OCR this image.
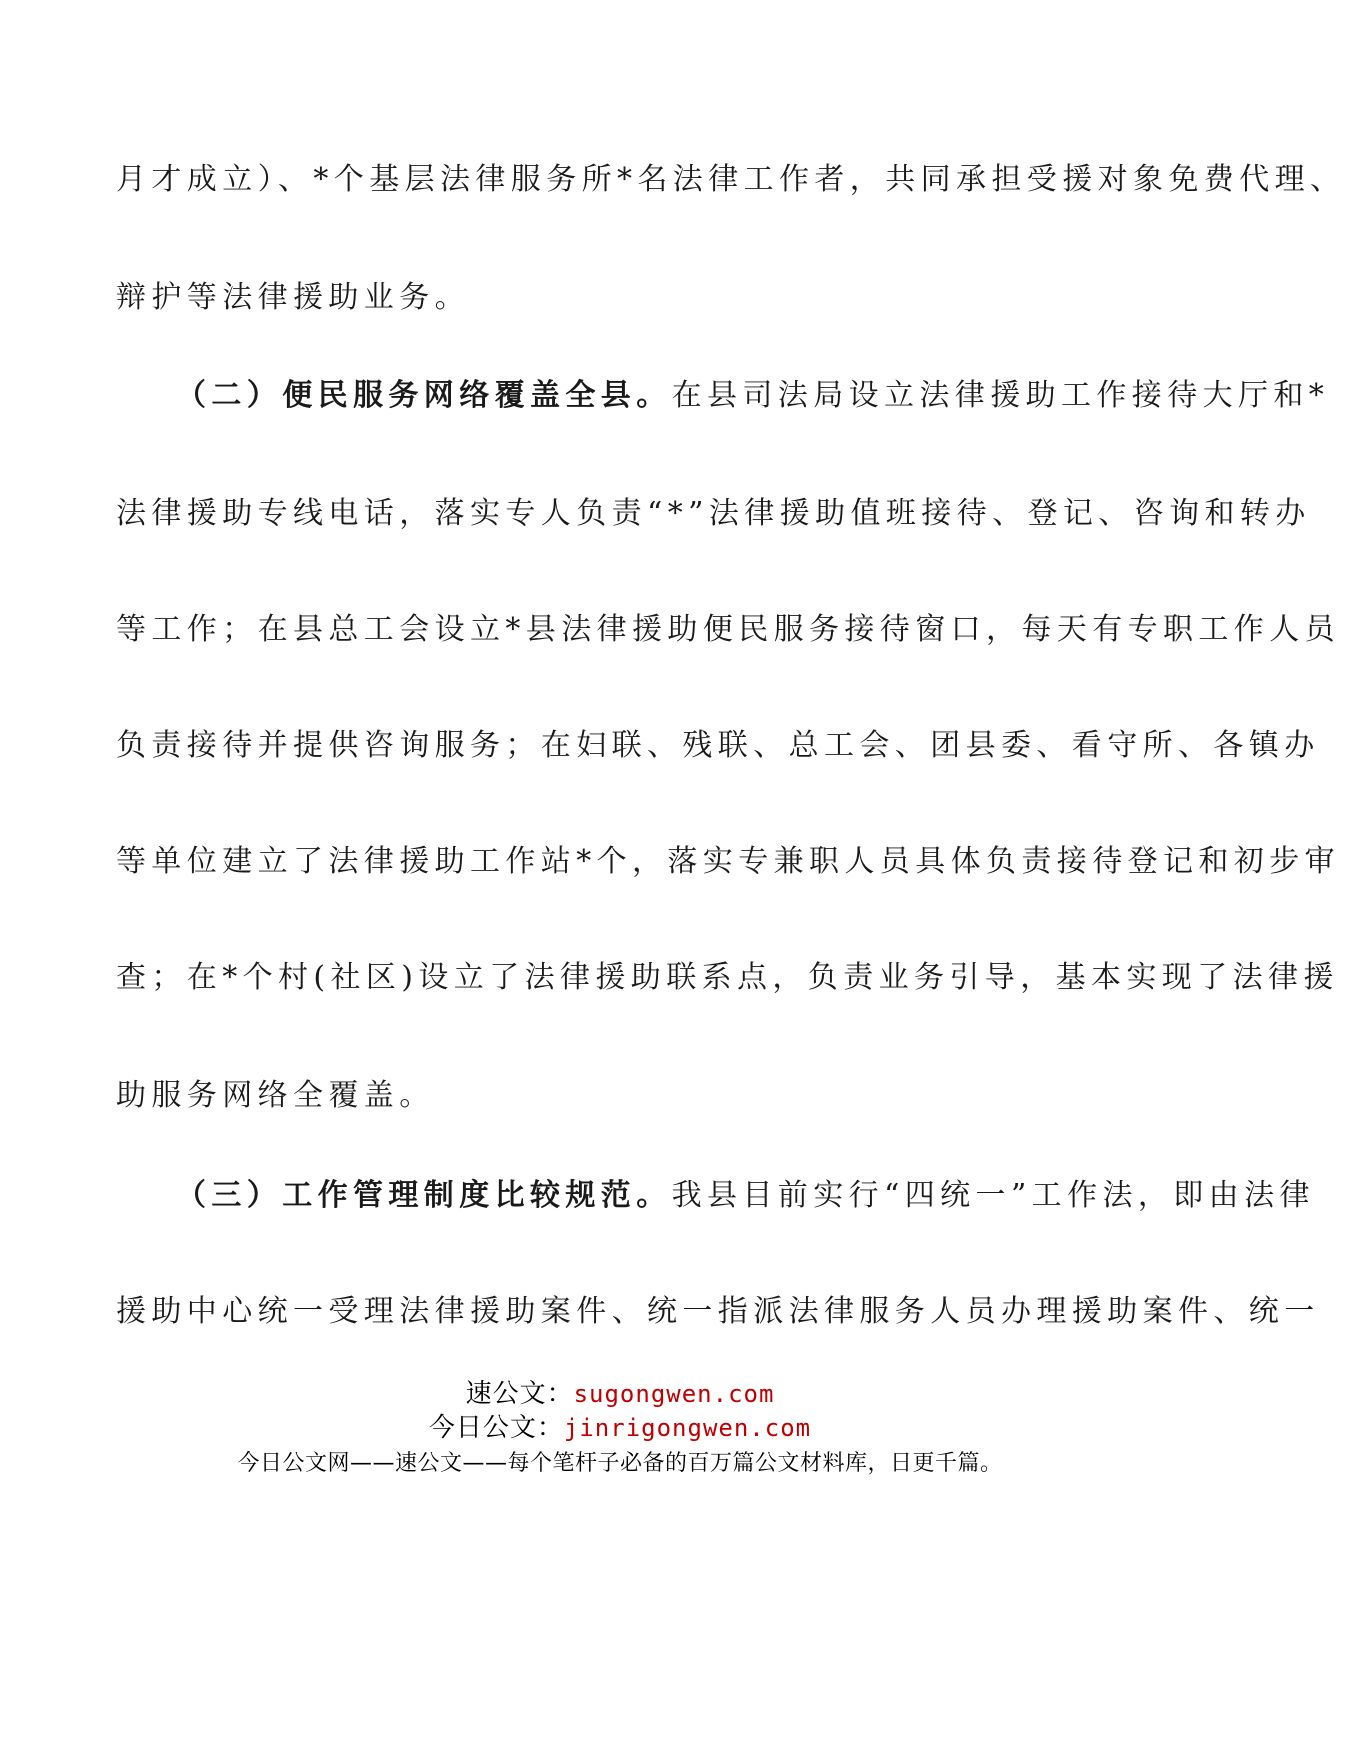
月才成立）、*个基层法律服务所*名法律工作者，共同承担受援对象免费代理、
辩护等法律援助业务。
（二）便民服务网络覆盖全县。在县司法局设立法律援助工作接待大厅和*
法律援助专线电话，落实专人负责“*”法律援助值班接待、登记、咨询和转办
等工作；在县总工会设立*县法律援助便民服务接待窗口，每天有专职工作人员
负责接待并提供咨询服务；在妇联、残联、总工会、团县委、看守所、各镇办
等单位建立了法律援助工作站*个，落实专兼职人员具体负责接待登记和初步审
查；在*个村(社区)设立了法律援助联系点，负责业务引导，基本实现了法律援
助服务网络全覆盖。
（三）工作管理制度比较规范。我县目前实行“四统一”工作法，即由法律
援助中心统一受理法律援助案件、统一指派法律服务人员办理援助案件、统一
速公文：sugongwen.com
今日公文：jinrigongwen.com
今日公文网——速公文——每个笔杆子必备的百万篇公文材料库，日更千篇。
